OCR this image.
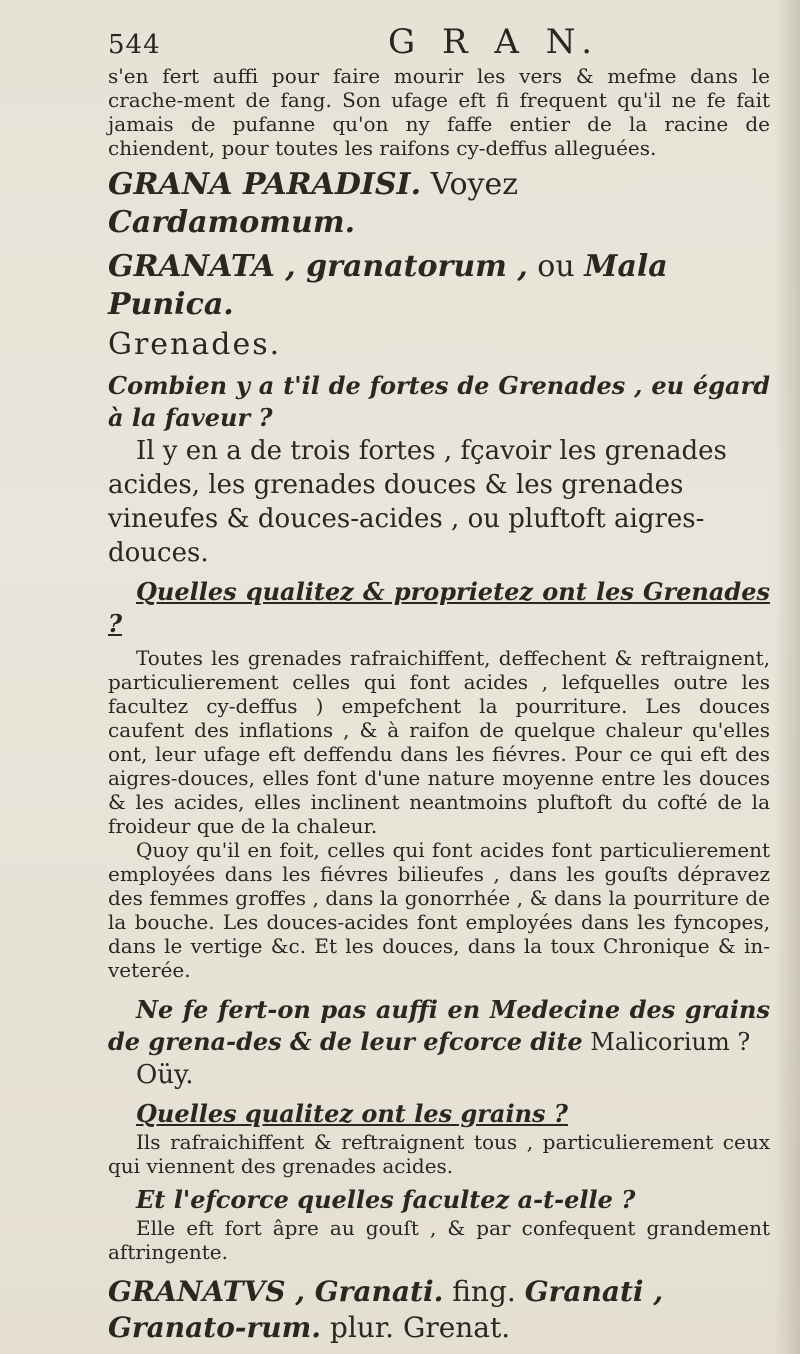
544	G R A N.

s'en fert auffi pour faire mourir les vers & mefme dans le crache-ment de fang. Son ufage eft fi frequent qu'il ne fe fait jamais de pufanne qu'on ny faffe entier de la racine de chiendent, pour toutes les raifons cy-deffus alleguées.

GRANA PARADISI. Voyez Cardamomum.

GRANATA , granatorum , ou Mala Punica.

Grenades.

Combien y a t'il de fortes de Grenades , eu égard à la faveur ?

Il y en a de trois fortes , fçavoir les grenades acides, les grenades douces & les grenades vineufes & douces-acides , ou pluftoft aigres-douces.

Quelles qualitez & proprietez ont les Grenades ?

Toutes les grenades rafraichiffent, deffechent & reftraignent, particulierement celles qui font acides , lefquelles outre les facultez cy-deffus ) empefchent la pourriture. Les douces caufent des inflations , & à raifon de quelque chaleur qu'elles ont, leur ufage eft deffendu dans les fiévres. Pour ce qui eft des aigres-douces, elles font d'une nature moyenne entre les douces & les acides, elles inclinent neantmoins pluftoft du cofté de la froideur que de la chaleur.

Quoy qu'il en foit, celles qui font acides font particulierement employées dans les fiévres bilieufes , dans les gouſts dépravez des femmes groffes , dans la gonorrhée , & dans la pourriture de la bouche. Les douces-acides font employées dans les fyncopes, dans le vertige &c. Et les douces, dans la toux Chronique & in-veterée.

Ne fe fert-on pas auffi en Medecine des grains de grena-des & de leur efcorce dite Malicorium ?

Oüy.

Quelles qualitez ont les grains ?

Ils rafraichiffent & reftraignent tous , particulierement ceux qui viennent des grenades acides.

Et l'efcorce quelles facultez a-t-elle ?

Elle eft fort âpre au gouſt , & par confequent grandement aftringente.

GRANATVS , Granati. fing. Granati , Granato-rum. plur. Grenat.
